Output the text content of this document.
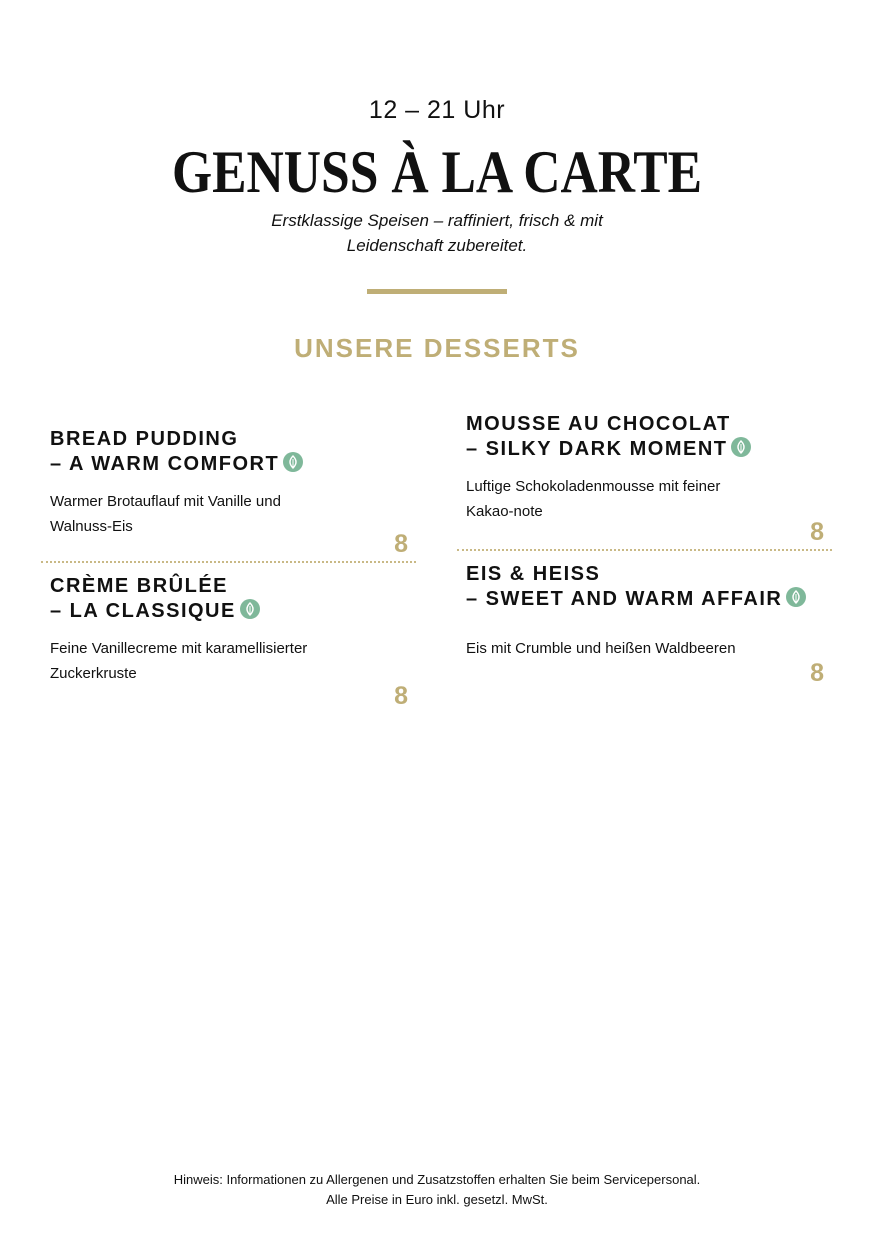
12 – 21 Uhr
GENUSS À LA CARTE
Erstklassige Speisen – raffiniert, frisch & mit Leidenschaft zubereitet.
UNSERE DESSERTS
BREAD PUDDING
– A WARM COMFORT
Warmer Brotauflauf mit Vanille und Walnuss-Eis
8
CRÈME BRÛLÉE
– LA CLASSIQUE
Feine Vanillecreme mit karamellisierter Zuckerkruste
8
MOUSSE AU CHOCOLAT
– SILKY DARK MOMENT
Luftige Schokoladenmousse mit feiner Kakao-note
8
EIS & HEISS
– SWEET AND WARM AFFAIR
Eis mit Crumble und heißen Waldbeeren
8
Hinweis: Informationen zu Allergenen und Zusatzstoffen erhalten Sie beim Servicepersonal.
Alle Preise in Euro inkl. gesetzl. MwSt.
